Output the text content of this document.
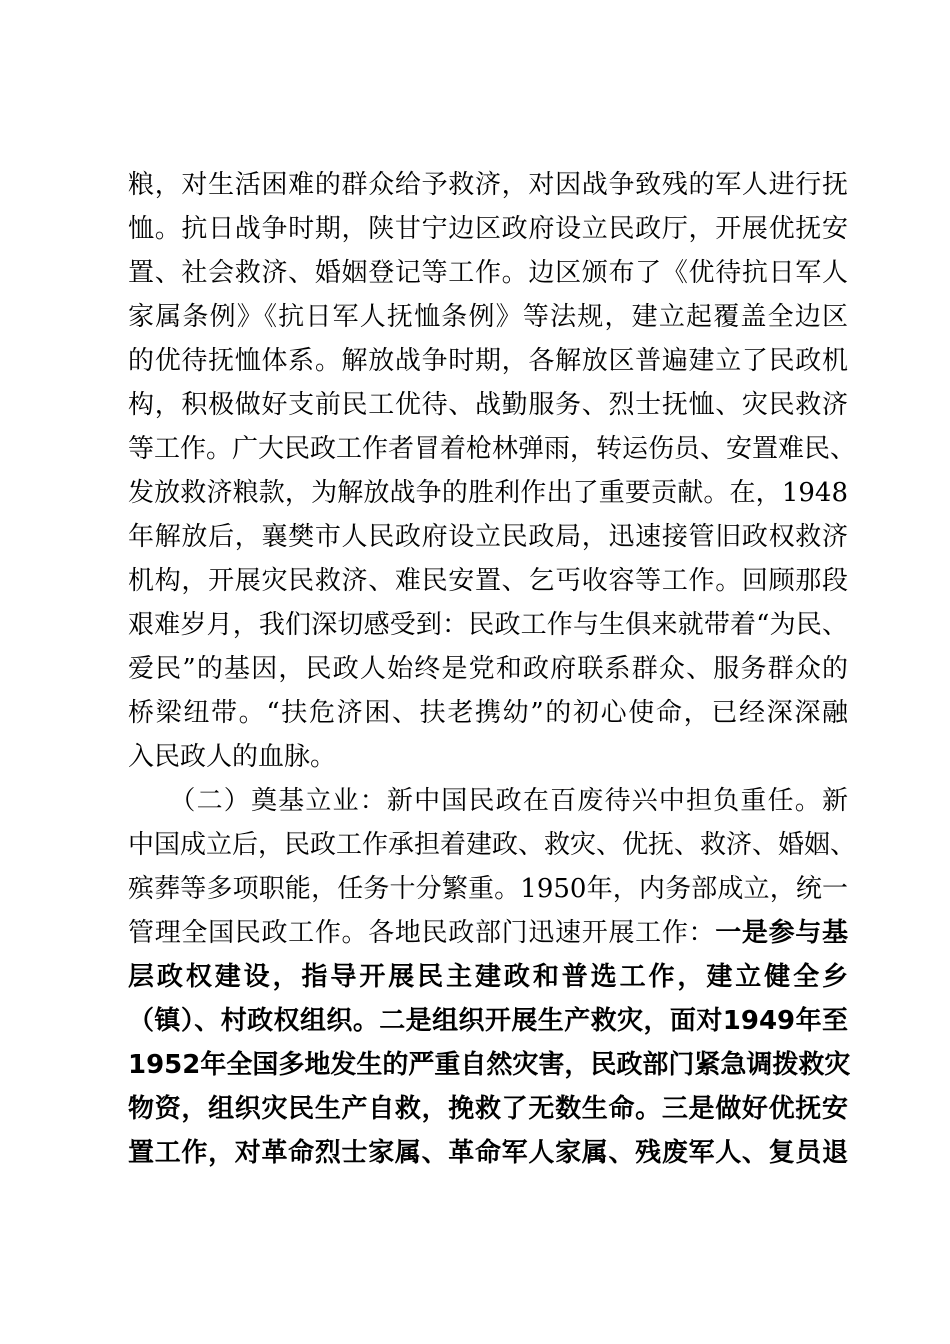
粮，对生活困难的群众给予救济，对因战争致残的军人进行抚
恤。抗日战争时期，陕甘宁边区政府设立民政厅，开展优抚安
置、社会救济、婚姻登记等工作。边区颁布了《优待抗日军人
家属条例》《抗日军人抚恤条例》等法规，建立起覆盖全边区
的优待抚恤体系。解放战争时期，各解放区普遍建立了民政机
构，积极做好支前民工优待、战勤服务、烈士抚恤、灾民救济
等工作。广大民政工作者冒着枪林弹雨，转运伤员、安置难民、
发放救济粮款，为解放战争的胜利作出了重要贡献。在，1948
年解放后，襄樊市人民政府设立民政局，迅速接管旧政权救济
机构，开展灾民救济、难民安置、乞丐收容等工作。回顾那段
艰难岁月，我们深切感受到：民政工作与生俱来就带着“为民、
爱民”的基因，民政人始终是党和政府联系群众、服务群众的
桥梁纽带。“扶危济困、扶老携幼”的初心使命，已经深深融
入民政人的血脉。
　　（二）奠基立业：新中国民政在百废待兴中担负重任。新
中国成立后，民政工作承担着建政、救灾、优抚、救济、婚姻、
殡葬等多项职能，任务十分繁重。1950年，内务部成立，统一
管理全国民政工作。各地民政部门迅速开展工作：一是参与基
层政权建设，指导开展民主建政和普选工作，建立健全乡
（镇）、村政权组织。二是组织开展生产救灾，面对1949年至
1952年全国多地发生的严重自然灾害，民政部门紧急调拨救灾
物资，组织灾民生产自救，挽救了无数生命。三是做好优抚安
置工作，对革命烈士家属、革命军人家属、残废军人、复员退
